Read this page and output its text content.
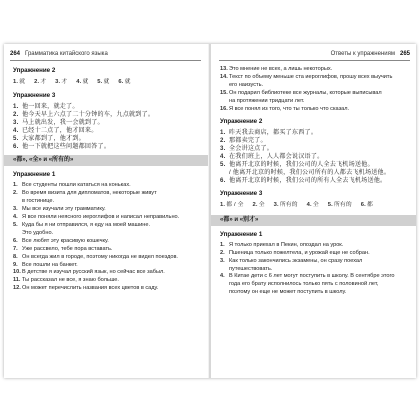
264 Грамматика китайского языка
Упражнение 2
1.就 2.才 3.才 4.就 5.就 6.就
Упражнение 3
1. 他一回来，就走了。
2. 他今天早上六点了二十分钟的车，九点就到了。
3. 马上就出发，我一会就到了。
4. 已经十二点了，他才回来。
5. 大家都到了，他才到。
6. 他一下就把这些问题都回答了。
«都», «全» и «所有的»
Упражнение 1
1. Все студенты пошли кататься на коньках.
2. Во время визита для дипломатов, некоторые живут
в гостинице.
3. Мы все изучали эту грамматику.
4. Я все поняли неясного иероглифов и написал неправильно.
5. Куда бы я ни отправился, я еду на моей машине.
Это удобно.
6. Все любят эту красивую кошечку.
7. Уже рассвело, тебе пора вставать.
8. Он всегда жил в городе, поэтому никогда не видел поездов.
9. Все пошли на банкет.
10. В детстве я изучал русский язык, но сейчас все забыл.
11. Ты рассказал не все, я знаю больше.
12. Он может перечислить названия всех цветов в саду.
Ответы к упражнениям 265
13. Это мнение не всех, а лишь некоторых.
14. Текст по объему меньше ста иероглифов, прошу всех выучить
его наизусть.
15. Он подарил библиотеке все журналы, которые выписывал
на протяжении тридцати лет.
16. Я все понял из того, что ты только что сказал.
Упражнение 2
1. 昨天我去商店，都买了东西了。
2. 那都卖完了。
3. 全会讲这点了。
4. 在我们班上，人人都会说汉语了。
5. 他离开北京的时候，我们公司的人全去飞机场送他。
/ 他离开北京的时候，我们公司所有的人都去飞机场送他。
6. 他离开北京的时候，我们公司的所有人全去飞机场送他。
Упражнение 3
1.都 / 全 2.全 3.所有的 4.全 5.所有的 6.都
«都» и «别才»
Упражнение 1
1. Я только приехал в Пекин, опоздал на урок.
2. Пшеница только пожелтела, и урожай еще не собран.
3. Как только закончились экзамены, он сразу поехал
путешествовать.
4. В Китае дети с 6 лет могут поступить в школу. В сентябре этого
года его брату исполнилось только пять с половиной лет,
поэтому он еще не может поступить в школу.
